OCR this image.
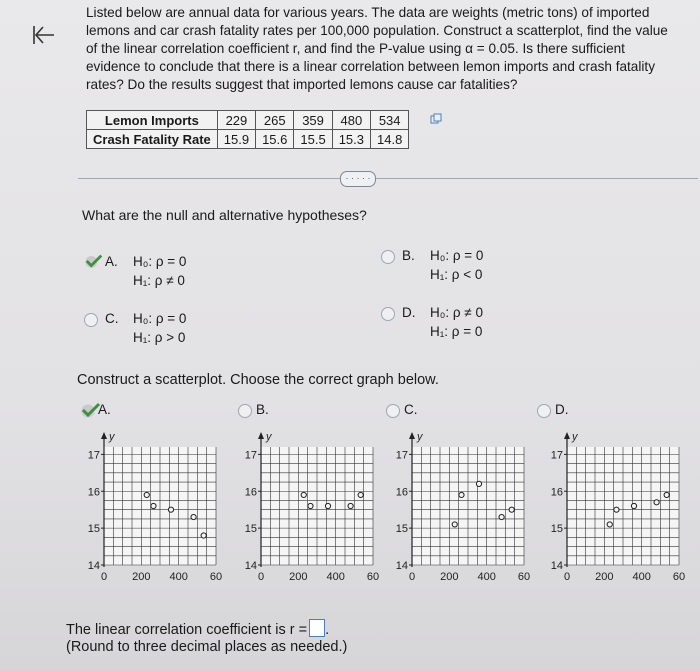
Listed below are annual data for various years. The data are weights (metric tons) of imported lemons and car crash fatality rates per 100,000 population. Construct a scatterplot, find the value of the linear correlation coefficient r, and find the P-value using α = 0.05. Is there sufficient evidence to conclude that there is a linear correlation between lemon imports and crash fatality rates? Do the results suggest that imported lemons cause car fatalities?

Lemon Imports	229	265	359	480	534
Crash Fatality Rate	15.9	15.6	15.5	15.3	14.8
· · · · ·
What are the null and alternative hypotheses?
A. H₀: ρ = 0
H₁: ρ ≠ 0
B. H₀: ρ = 0
H₁: ρ < 0
C. H₀: ρ = 0
H₁: ρ > 0
D. H₀: ρ ≠ 0
H₁: ρ = 0
Construct a scatterplot. Choose the correct graph below.
A.	B.	C.	D.
y
14
15
16
17
0 200 400 60
y
14
15
16
17
0 200 400 60
y
14
15
16
17
0 200 400 60
y
14
15
16
17
0 200 400 60
The linear correlation coefficient is r = .
(Round to three decimal places as needed.)
